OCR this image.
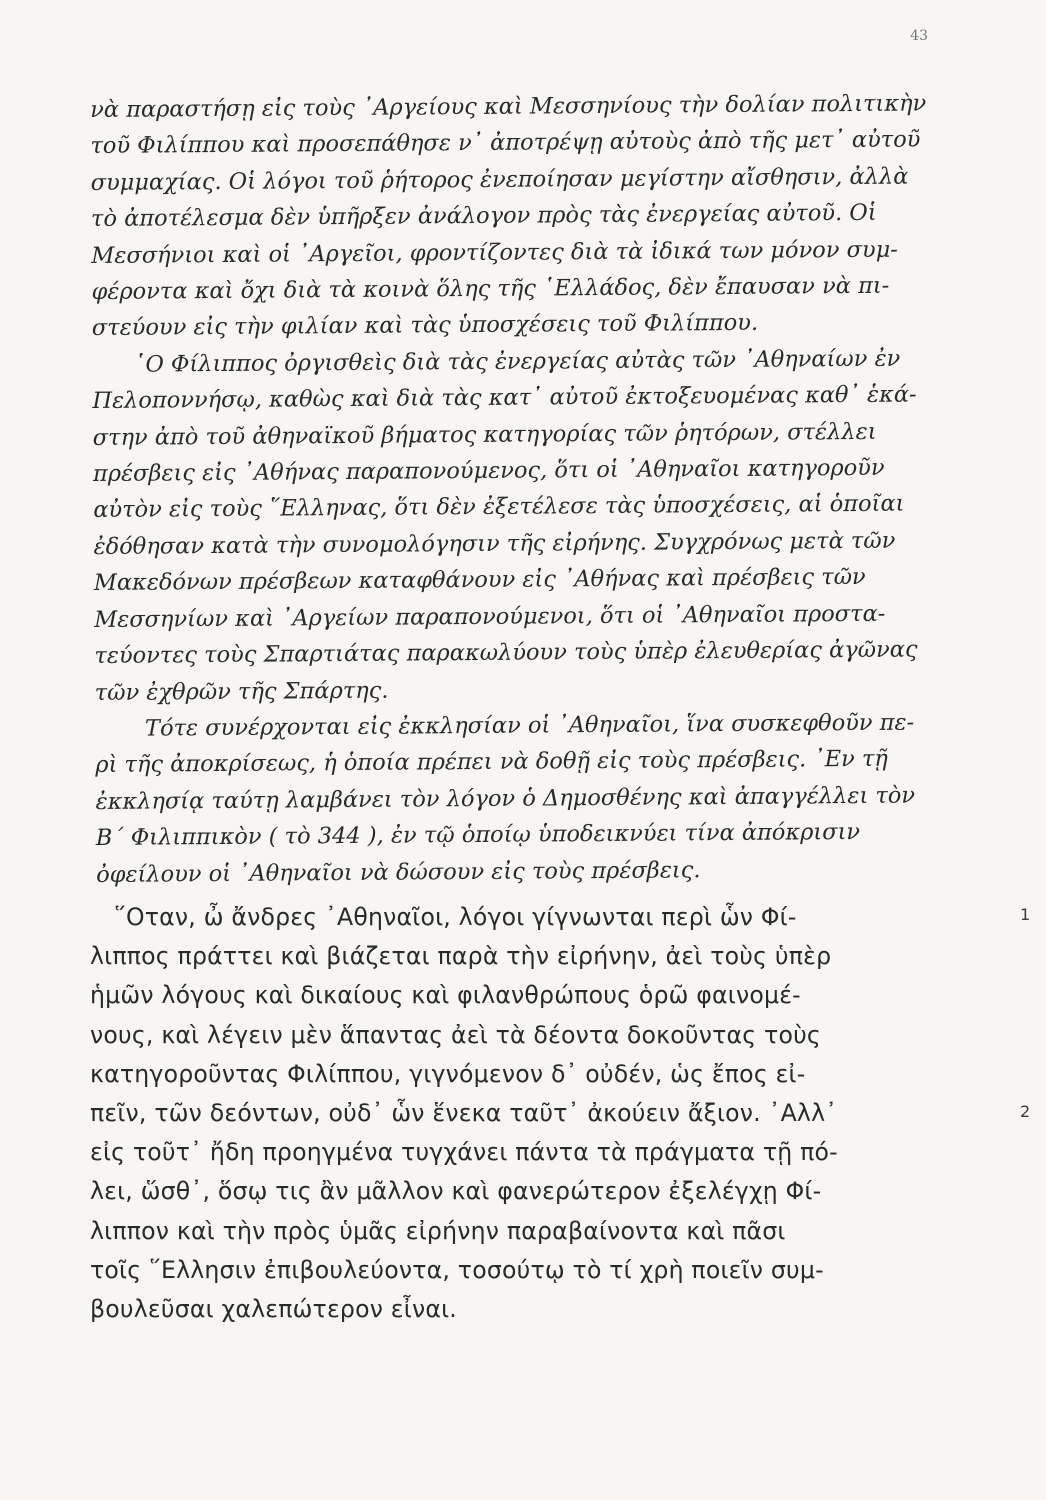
43
νὰ παραστήσῃ εἰς τοὺς ᾿Αργείους καὶ Μεσσηνίους τὴν δολίαν πολιτικὴν
τοῦ Φιλίππου καὶ προσεπάθησε ν᾿ ἀποτρέψῃ αὐτοὺς ἀπὸ τῆς μετ᾿ αὐτοῦ
συμμαχίας. Οἱ λόγοι τοῦ ῥήτορος ἐνεποίησαν μεγίστην αἴσθησιν, ἀλλὰ
τὸ ἀποτέλεσμα δὲν ὑπῆρξεν ἀνάλογον πρὸς τὰς ἐνεργείας αὐτοῦ. Οἱ
Μεσσήνιοι καὶ οἱ ᾿Αργεῖοι, φροντίζοντες διὰ τὰ ἰδικά των μόνον συμ-
φέροντα καὶ ὄχι διὰ τὰ κοινὰ ὅλης τῆς ῾Ελλάδος, δὲν ἔπαυσαν νὰ πι-
στεύουν εἰς τὴν φιλίαν καὶ τὰς ὑποσχέσεις τοῦ Φιλίππου.
῾Ο Φίλιππος ὀργισθεὶς διὰ τὰς ἐνεργείας αὐτὰς τῶν ᾿Αθηναίων ἐν
Πελοποννήσῳ, καθὼς καὶ διὰ τὰς κατ᾿ αὐτοῦ ἐκτοξευομένας καθ᾿ ἑκά-
στην ἀπὸ τοῦ ἀθηναϊκοῦ βήματος κατηγορίας τῶν ῥητόρων, στέλλει
πρέσβεις εἰς ᾿Αθήνας παραπονούμενος, ὅτι οἱ ᾿Αθηναῖοι κατηγοροῦν
αὐτὸν εἰς τοὺς ῞Ελληνας, ὅτι δὲν ἐξετέλεσε τὰς ὑποσχέσεις, αἱ ὁποῖαι
ἐδόθησαν κατὰ τὴν συνομολόγησιν τῆς εἰρήνης. Συγχρόνως μετὰ τῶν
Μακεδόνων πρέσβεων καταφθάνουν εἰς ᾿Αθήνας καὶ πρέσβεις τῶν
Μεσσηνίων καὶ ᾿Αργείων παραπονούμενοι, ὅτι οἱ ᾿Αθηναῖοι προστα-
τεύοντες τοὺς Σπαρτιάτας παρακωλύουν τοὺς ὑπὲρ ἐλευθερίας ἀγῶνας
τῶν ἐχθρῶν τῆς Σπάρτης.
Τότε συνέρχονται εἰς ἐκκλησίαν οἱ ᾿Αθηναῖοι, ἵνα συσκεφθοῦν πε-
ρὶ τῆς ἀποκρίσεως, ἡ ὁποία πρέπει νὰ δοθῇ εἰς τοὺς πρέσβεις. ᾿Εν τῇ
ἐκκλησίᾳ ταύτῃ λαμβάνει τὸν λόγον ὁ Δημοσθένης καὶ ἀπαγγέλλει τὸν
Β΄ Φιλιππικὸν ( τὸ 344 ), ἐν τῷ ὁποίῳ ὑποδεικνύει τίνα ἀπόκρισιν
ὀφείλουν οἱ ᾿Αθηναῖοι νὰ δώσουν εἰς τοὺς πρέσβεις.
῞Οταν, ὦ ἄνδρες ᾿Αθηναῖοι, λόγοι γίγνωνται περὶ ὧν Φί-
λιππος πράττει καὶ βιάζεται παρὰ τὴν εἰρήνην, ἀεὶ τοὺς ὑπὲρ
ἡμῶν λόγους καὶ δικαίους καὶ φιλανθρώπους ὁρῶ φαινομέ-
νους, καὶ λέγειν μὲν ἅπαντας ἀεὶ τὰ δέοντα δοκοῦντας τοὺς
κατηγοροῦντας Φιλίππου, γιγνόμενον δ᾿ οὐδέν, ὡς ἔπος εἰ-
πεῖν, τῶν δεόντων, οὐδ᾿ ὧν ἕνεκα ταῦτ᾿ ἀκούειν ἄξιον. ᾿Αλλ᾿
εἰς τοῦτ᾿ ἤδη προηγμένα τυγχάνει πάντα τὰ πράγματα τῇ πό-
λει, ὥσθ᾿, ὅσῳ τις ἂν μᾶλλον καὶ φανερώτερον ἐξελέγχῃ Φί-
λιππον καὶ τὴν πρὸς ὑμᾶς εἰρήνην παραβαίνοντα καὶ πᾶσι
τοῖς ῞Ελλησιν ἐπιβουλεύοντα, τοσούτῳ τὸ τί χρὴ ποιεῖν συμ-
βουλεῦσαι χαλεπώτερον εἶναι.
1
2
